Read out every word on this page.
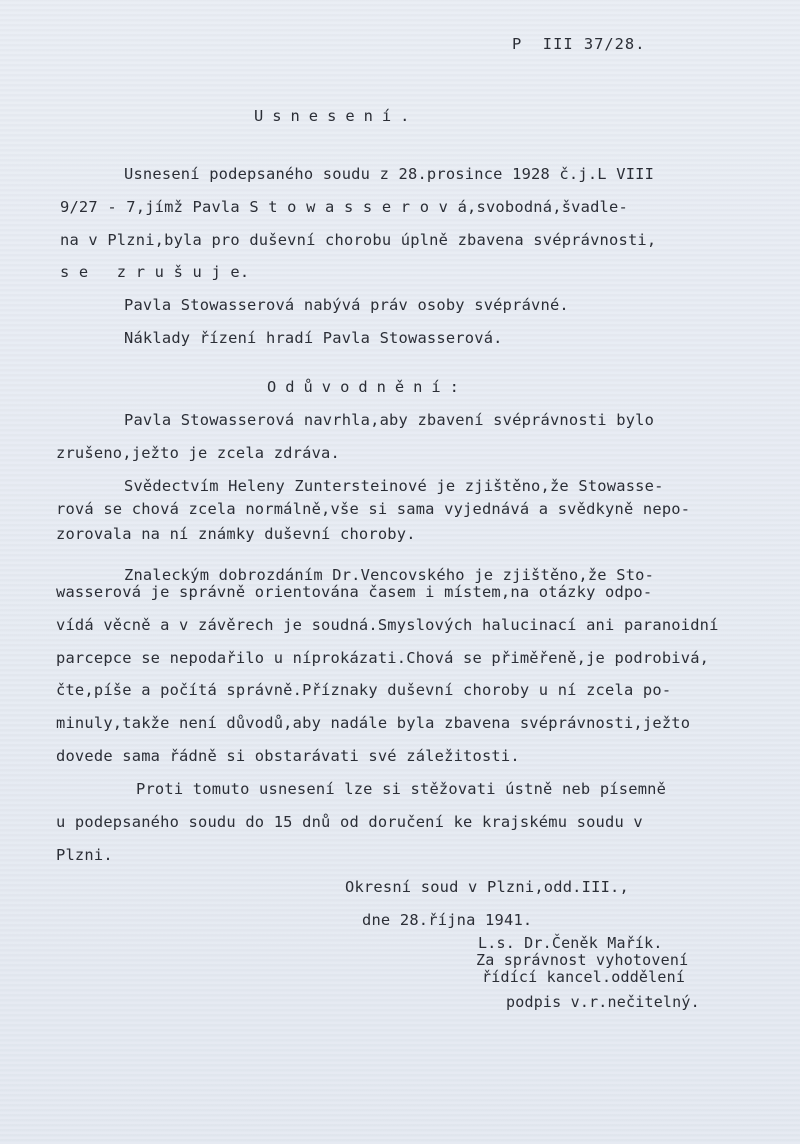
P  III 37/28.
Usnesení.
Usnesení podepsaného soudu z 28.prosince 1928 č.j.L VIII
9/27 - 7,jímž Pavla S t o w a s s e r o v á,svobodná,švadle-
na v Plzni,byla pro duševní chorobu úplně zbavena svéprávnosti,
s e   z r u š u j e.
Pavla Stowasserová nabývá práv osoby svéprávné.
Náklady řízení hradí Pavla Stowasserová.
Odůvodnění:
Pavla Stowasserová navrhla,aby zbavení svéprávnosti bylo
zrušeno,ježto je zcela zdráva.
Svědectvím Heleny Zuntersteinové je zjištěno,že Stowasse-
rová se chová zcela normálně,vše si sama vyjednává a svědkyně nepo-
zorovala na ní známky duševní choroby.
Znaleckým dobrozdáním Dr.Vencovského je zjištěno,že Sto-
wasserová je správně orientována časem i místem,na otázky odpo-
vídá věcně a v závěrech je soudná.Smyslových halucinací ani paranoidní
parcepce se nepodařilo u níprokázati.Chová se přiměřeně,je podrobivá,
čte,píše a počítá správně.Příznaky duševní choroby u ní zcela po-
minuly,takže není důvodů,aby nadále byla zbavena svéprávnosti,ježto
dovede sama řádně si obstarávati své záležitosti.
Proti tomuto usnesení lze si stěžovati ústně neb písemně
u podepsaného soudu do 15 dnů od doručení ke krajskému soudu v
Plzni.
Okresní soud v Plzni,odd.III.,
dne 28.října 1941.
L.s. Dr.Čeněk Mařík.
Za správnost vyhotovení
řídící kancel.oddělení
podpis v.r.nečitelný.
